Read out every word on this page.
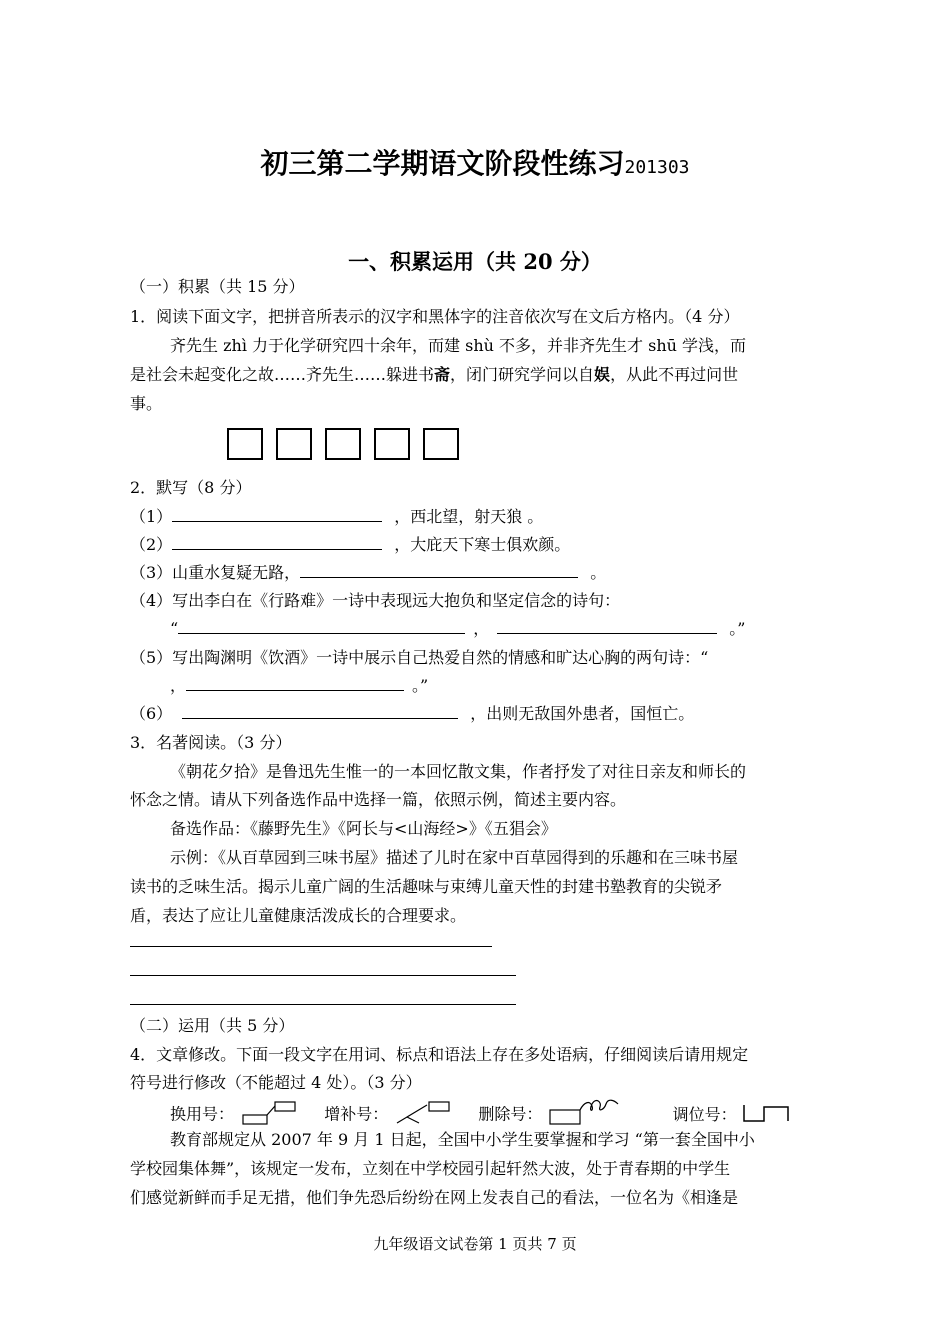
初三第二学期语文阶段性练习201303
一、积累运用（共 20 分）
（一）积累（共 15 分）
1．阅读下面文字，把拼音所表示的汉字和黑体字的注音依次写在文后方格内。（4 分）
齐先生 zhì 力于化学研究四十余年，而建 shù 不多，并非齐先生才 shū 学浅，而
是社会未起变化之故……齐先生……躲进书斋，闭门研究学问以自娱，从此不再过问世
事。
2．默写（8 分）
（1）	，西北望，射天狼 。
（2）	，大庇天下寒士俱欢颜。
（3）山重水复疑无路，	。
（4）写出李白在《行路难》一诗中表现远大抱负和坚定信念的诗句：
“	，	。”
（5）写出陶渊明《饮酒》一诗中展示自己热爱自然的情感和旷达心胸的两句诗：“
，	。”
（6）	，出则无敌国外患者，国恒亡。
3．名著阅读。（3 分）
《朝花夕拾》是鲁迅先生惟一的一本回忆散文集，作者抒发了对往日亲友和师长的
怀念之情。请从下列备选作品中选择一篇，依照示例，简述主要内容。
备选作品：《藤野先生》《阿长与<山海经>》《五猖会》
示例：《从百草园到三味书屋》描述了儿时在家中百草园得到的乐趣和在三味书屋
读书的乏味生活。揭示儿童广阔的生活趣味与束缚儿童天性的封建书塾教育的尖锐矛
盾，表达了应让儿童健康活泼成长的合理要求。
（二）运用（共 5 分）
4．文章修改。下面一段文字在用词、标点和语法上存在多处语病，仔细阅读后请用规定
符号进行修改（不能超过 4 处）。（3 分）
换用号：	增补号：	删除号：	调位号：
教育部规定从 2007 年 9 月 1 日起，全国中小学生要掌握和学习 “第一套全国中小
学校园集体舞”，该规定一发布，立刻在中学校园引起轩然大波，处于青春期的中学生
们感觉新鲜而手足无措，他们争先恐后纷纷在网上发表自己的看法，一位名为《相逢是
九年级语文试卷第 1 页共 7 页
